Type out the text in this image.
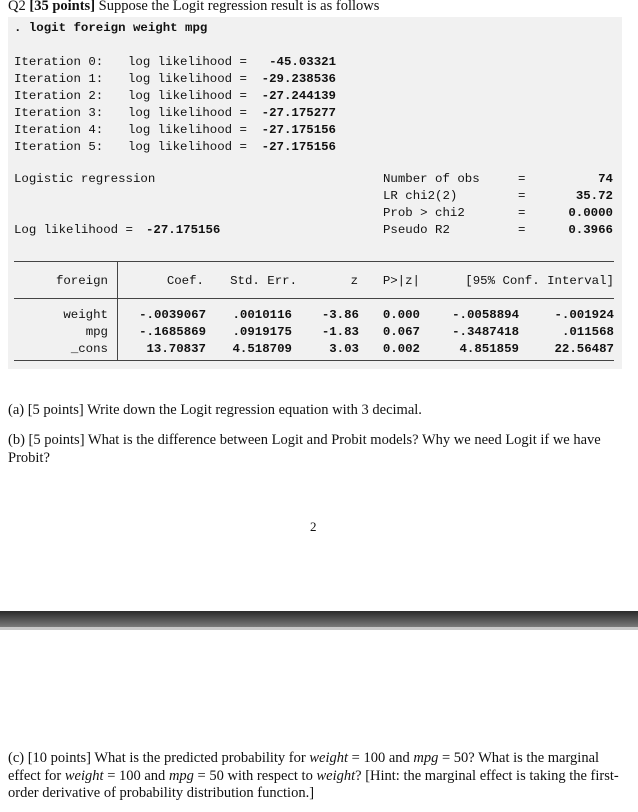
Q2 [35 points] Suppose the Logit regression result is as follows
. logit foreign weight mpg
Iteration 0: log likelihood =	-45.03321
Iteration 1: log likelihood =	-29.238536
Iteration 2: log likelihood =	-27.244139
Iteration 3: log likelihood =	-27.175277
Iteration 4: log likelihood =	-27.175156
Iteration 5: log likelihood =	-27.175156
Logistic regression
Log likelihood = -27.175156
Number of obs	=	74
LR chi2(2)	=	35.72
Prob > chi2	=	0.0000
Pseudo R2	=	0.3966
foreign	Coef.	Std. Err.	z	P>|z|	[95% Conf. Interval]
weight	-.0039067	.0010116	-3.86	0.000	-.0058894	-.001924
mpg	-.1685869	.0919175	-1.83	0.067	-.3487418	.011568
_cons	13.70837	4.518709	3.03	0.002	4.851859	22.56487
(a) [5 points] Write down the Logit regression equation with 3 decimal.
(b) [5 points] What is the difference between Logit and Probit models? Why we need Logit if we have Probit?
2
(c) [10 points] What is the predicted probability for weight = 100 and mpg = 50? What is the marginal effect for weight = 100 and mpg = 50 with respect to weight? [Hint: the marginal effect is taking the first-order derivative of probability distribution function.]
